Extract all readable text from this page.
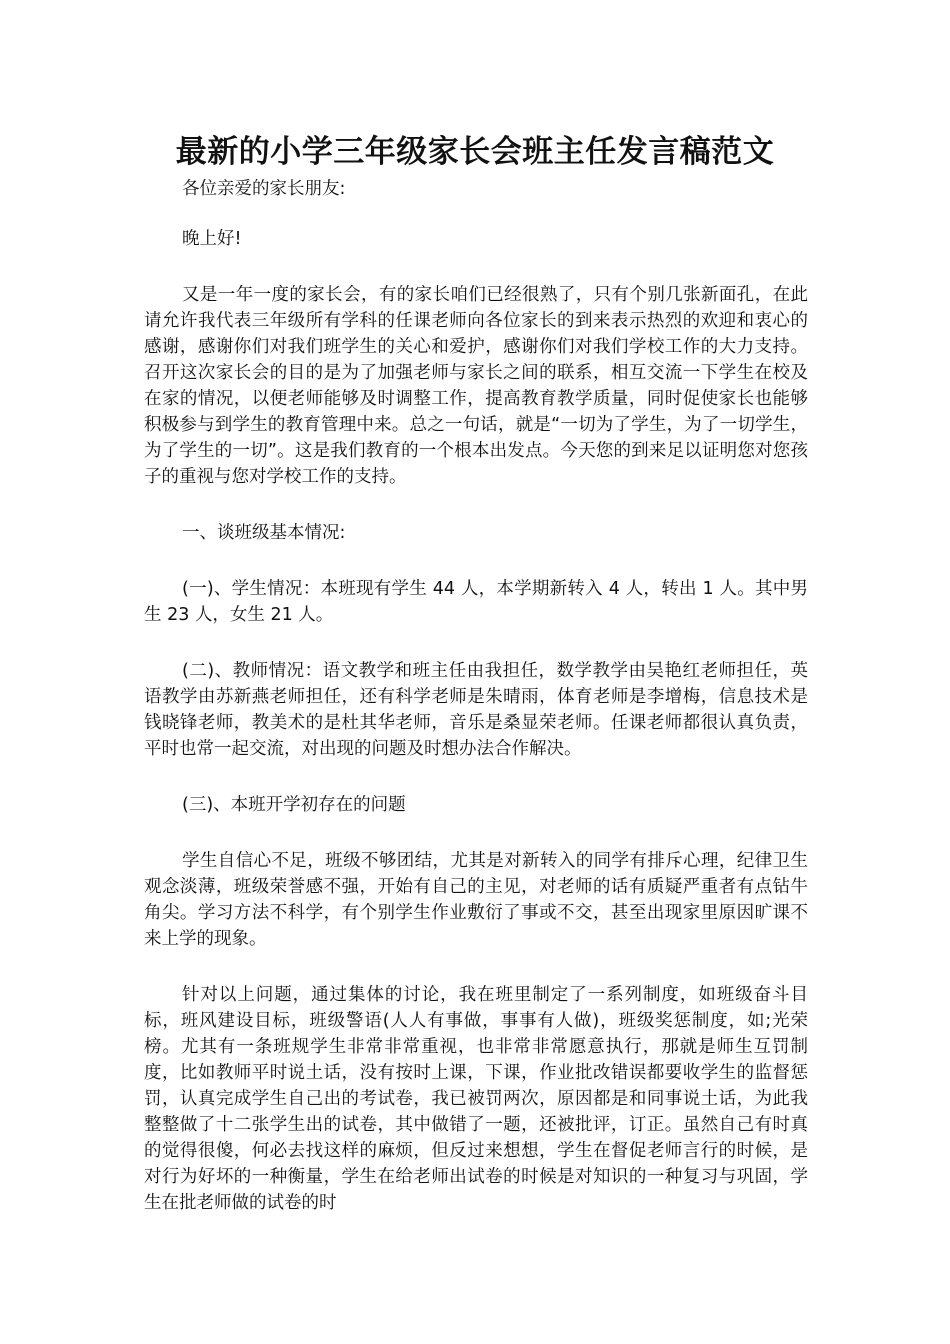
最新的小学三年级家长会班主任发言稿范文

各位亲爱的家长朋友:

晚上好!

又是一年一度的家长会，有的家长咱们已经很熟了，只有个别几张新面孔，在此请允许我代表三年级所有学科的任课老师向各位家长的到来表示热烈的欢迎和衷心的感谢，感谢你们对我们班学生的关心和爱护，感谢你们对我们学校工作的大力支持。召开这次家长会的目的是为了加强老师与家长之间的联系，相互交流一下学生在校及在家的情况，以便老师能够及时调整工作，提高教育教学质量，同时促使家长也能够积极参与到学生的教育管理中来。总之一句话，就是“一切为了学生，为了一切学生，为了学生的一切”。这是我们教育的一个根本出发点。今天您的到来足以证明您对您孩子的重视与您对学校工作的支持。

一、谈班级基本情况:

(一)、学生情况：本班现有学生 44 人，本学期新转入 4 人，转出 1 人。其中男生 23 人，女生 21 人。

(二)、教师情况：语文教学和班主任由我担任，数学教学由吴艳红老师担任，英语教学由苏新燕老师担任，还有科学老师是朱晴雨，体育老师是李增梅，信息技术是钱晓锋老师，教美术的是杜其华老师，音乐是桑显荣老师。任课老师都很认真负责，平时也常一起交流，对出现的问题及时想办法合作解决。

(三)、本班开学初存在的问题

学生自信心不足，班级不够团结，尤其是对新转入的同学有排斥心理，纪律卫生观念淡薄，班级荣誉感不强，开始有自己的主见，对老师的话有质疑严重者有点钻牛角尖。学习方法不科学，有个别学生作业敷衍了事或不交，甚至出现家里原因旷课不来上学的现象。

针对以上问题，通过集体的讨论，我在班里制定了一系列制度，如班级奋斗目标，班风建设目标，班级警语(人人有事做，事事有人做)，班级奖惩制度，如;光荣榜。尤其有一条班规学生非常非常重视，也非常非常愿意执行，那就是师生互罚制度，比如教师平时说土话，没有按时上课，下课，作业批改错误都要收学生的监督惩罚，认真完成学生自己出的考试卷，我已被罚两次，原因都是和同事说土话，为此我整整做了十二张学生出的试卷，其中做错了一题，还被批评，订正。虽然自己有时真的觉得很傻，何必去找这样的麻烦，但反过来想想，学生在督促老师言行的时候，是对行为好坏的一种衡量，学生在给老师出试卷的时候是对知识的一种复习与巩固，学生在批老师做的试卷的时
